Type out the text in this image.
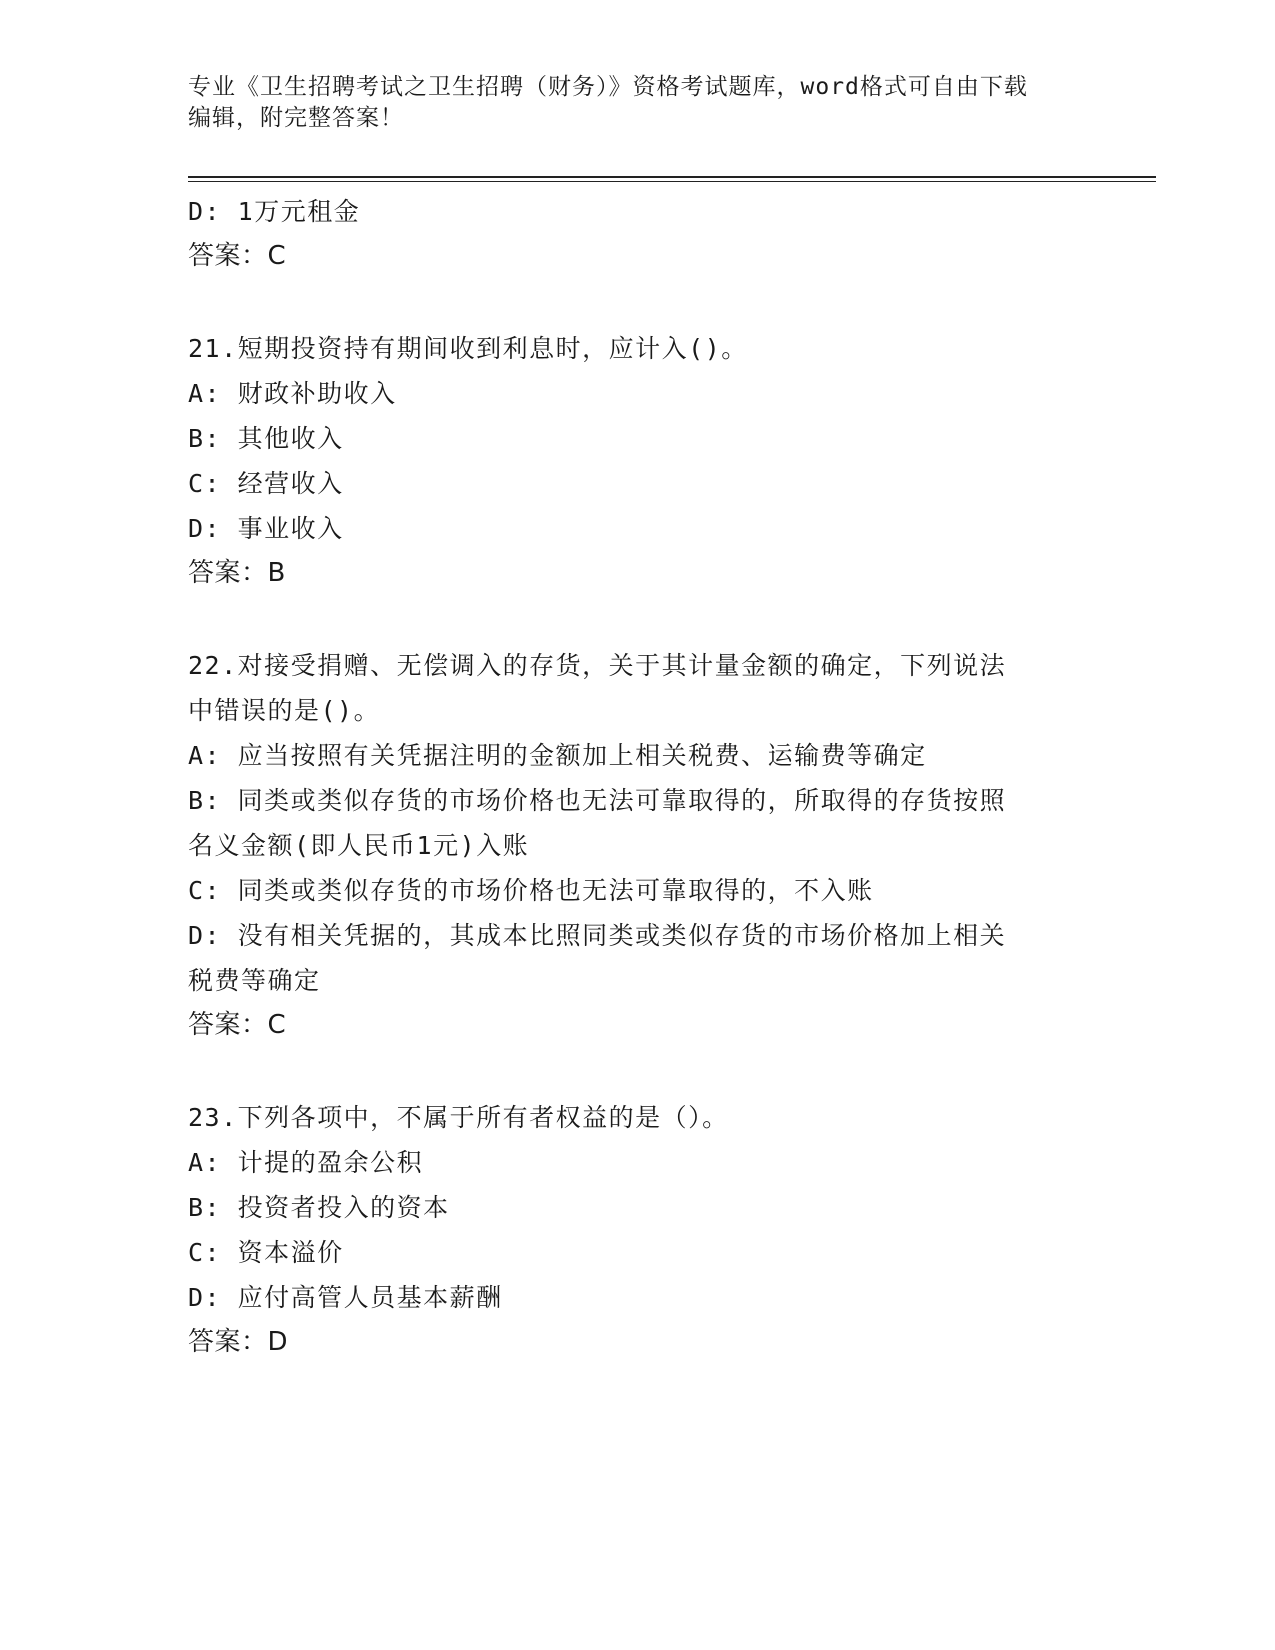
专业《卫生招聘考试之卫生招聘（财务）》资格考试题库，word格式可自由下载
编辑，附完整答案！

D: 1万元租金

答案：C

21.短期投资持有期间收到利息时，应计入()。

A: 财政补助收入

B: 其他收入

C: 经营收入

D: 事业收入

答案：B

22.对接受捐赠、无偿调入的存货，关于其计量金额的确定，下列说法

中错误的是()。

A: 应当按照有关凭据注明的金额加上相关税费、运输费等确定

B: 同类或类似存货的市场价格也无法可靠取得的，所取得的存货按照

名义金额(即人民币1元)入账

C: 同类或类似存货的市场价格也无法可靠取得的，不入账

D: 没有相关凭据的，其成本比照同类或类似存货的市场价格加上相关

税费等确定

答案：C

23.下列各项中，不属于所有者权益的是（）。

A: 计提的盈余公积

B: 投资者投入的资本

C: 资本溢价

D: 应付高管人员基本薪酬

答案：D
